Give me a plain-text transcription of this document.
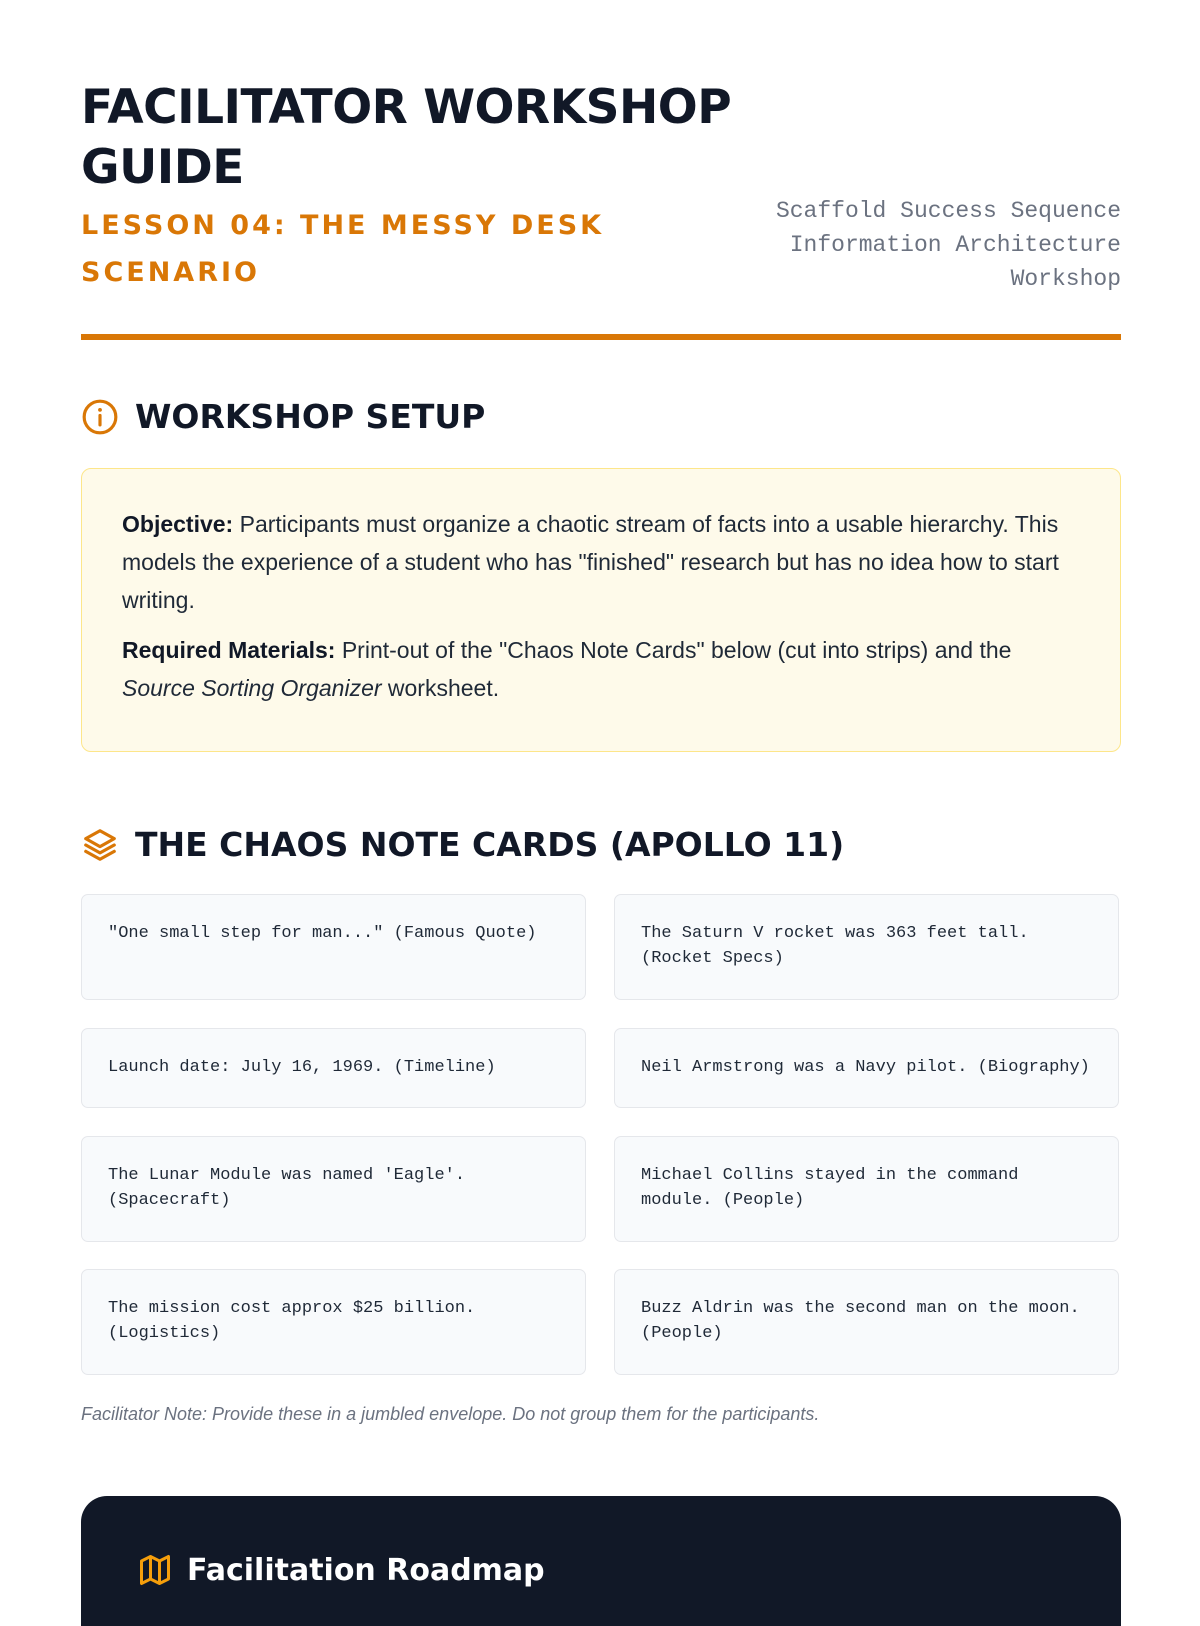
FACILITATOR WORKSHOP GUIDE
LESSON 04: THE MESSY DESK SCENARIO
Scaffold Success Sequence
Information Architecture
Workshop
WORKSHOP SETUP

Objective: Participants must organize a chaotic stream of facts into a usable hierarchy. This models the experience of a student who has "finished" research but has no idea how to start writing.

Required Materials: Print-out of the "Chaos Note Cards" below (cut into strips) and the Source Sorting Organizer worksheet.

THE CHAOS NOTE CARDS (APOLLO 11)
"One small step for man..." (Famous Quote)	The Saturn V rocket was 363 feet tall. (Rocket Specs)
Launch date: July 16, 1969. (Timeline)	Neil Armstrong was a Navy pilot. (Biography)
The Lunar Module was named 'Eagle'. (Spacecraft)
Michael Collins stayed in the command module. (People)
The mission cost approx $25 billion. (Logistics)
Buzz Aldrin was the second man on the moon. (People)
Facilitator Note: Provide these in a jumbled envelope. Do not group them for the participants.
Facilitation Roadmap
